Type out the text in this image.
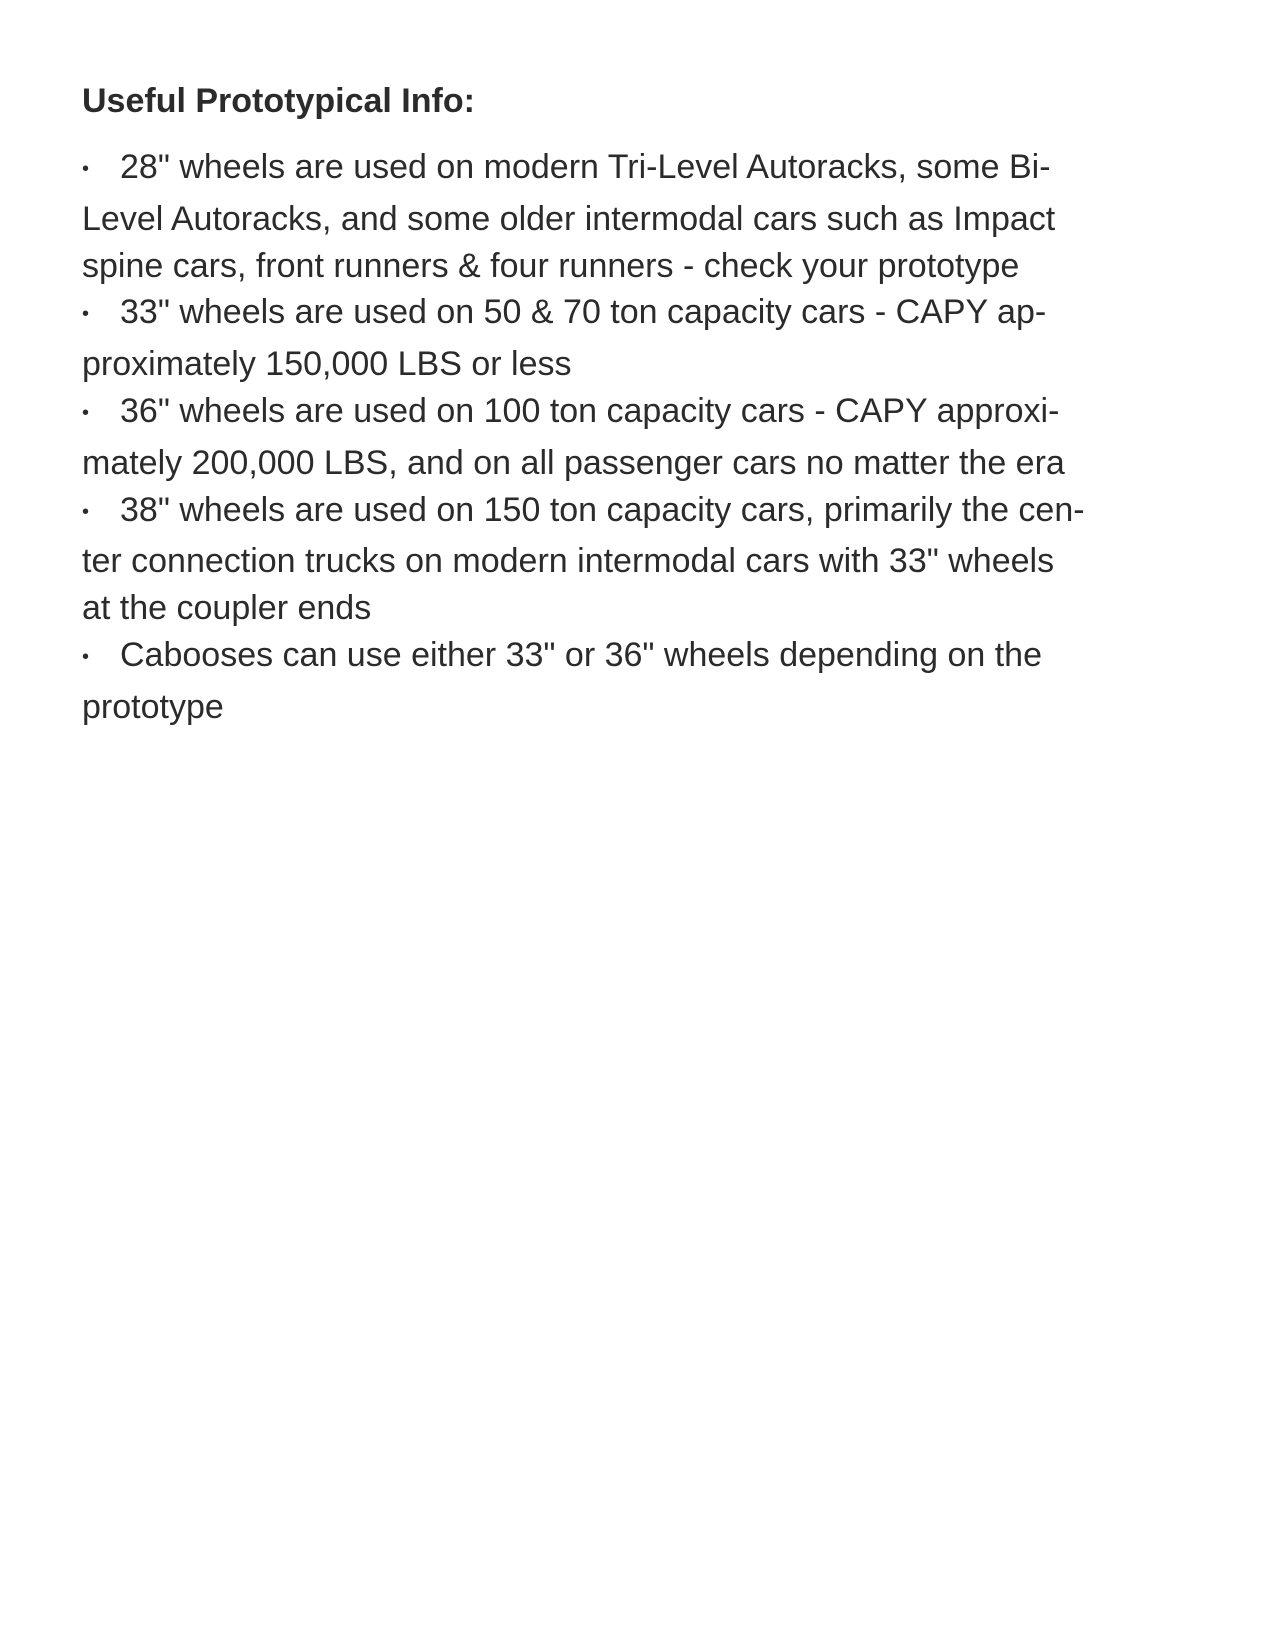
Useful Prototypical Info:

• 28" wheels are used on modern Tri-Level Autoracks, some Bi-

Level Autoracks, and some older intermodal cars such as Impact

spine cars, front runners & four runners - check your prototype

• 33" wheels are used on 50 & 70 ton capacity cars - CAPY ap-

proximately 150,000 LBS or less

• 36" wheels are used on 100 ton capacity cars - CAPY approxi-

mately 200,000 LBS, and on all passenger cars no matter the era

• 38" wheels are used on 150 ton capacity cars, primarily the cen-

ter connection trucks on modern intermodal cars with 33" wheels

at the coupler ends

• Cabooses can use either 33" or 36" wheels depending on the

prototype
